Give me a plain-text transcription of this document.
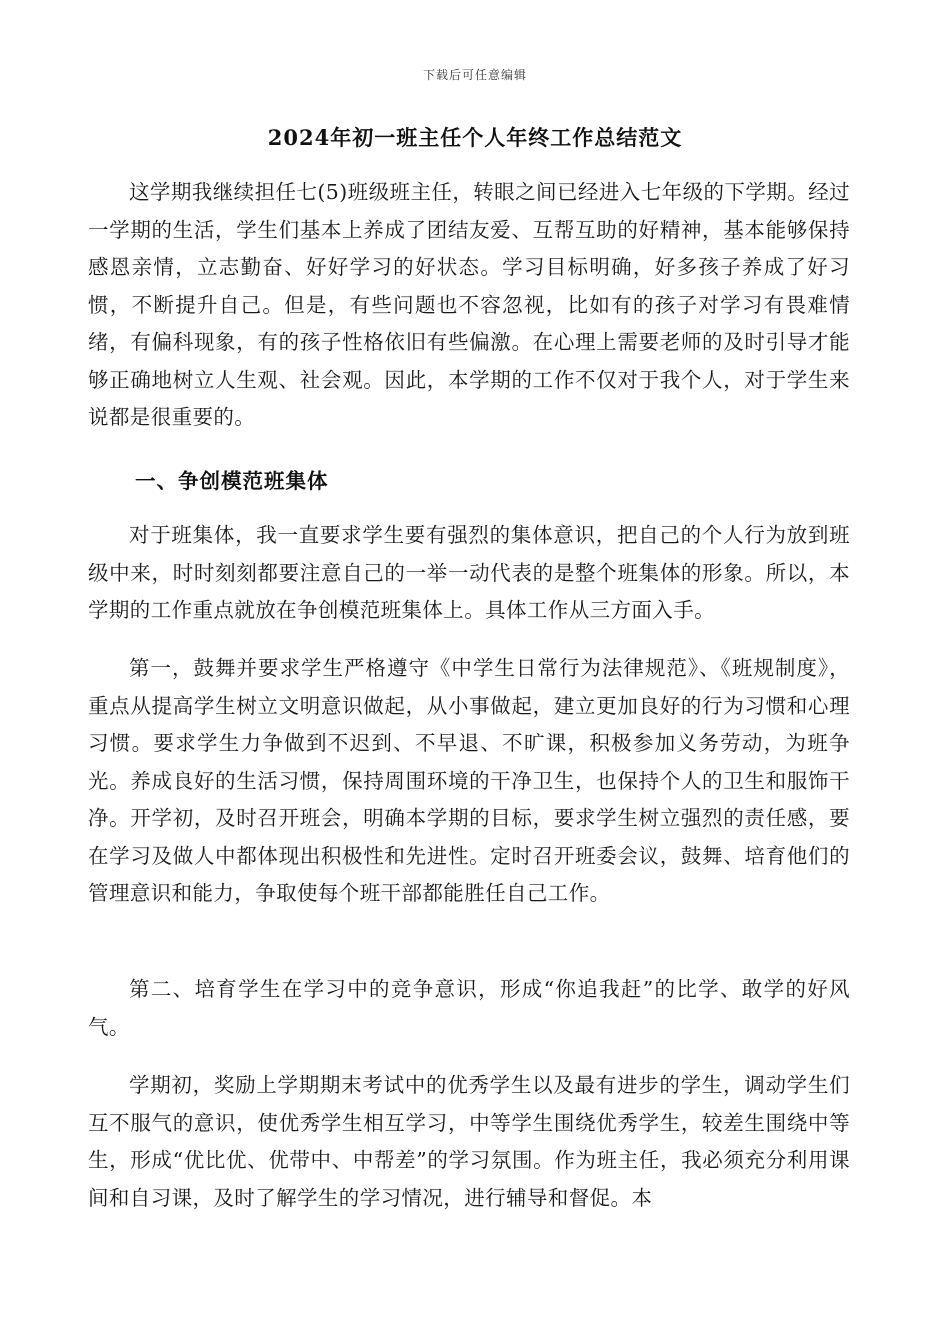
下载后可任意编辑
2024年初一班主任个人年终工作总结范文

这学期我继续担任七(5)班级班主任，转眼之间已经进入七年级的下学期。经过一学期的生活，学生们基本上养成了团结友爱、互帮互助的好精神，基本能够保持感恩亲情，立志勤奋、好好学习的好状态。学习目标明确，好多孩子养成了好习惯，不断提升自己。但是，有些问题也不容忽视，比如有的孩子对学习有畏难情绪，有偏科现象，有的孩子性格依旧有些偏激。在心理上需要老师的及时引导才能够正确地树立人生观、社会观。因此，本学期的工作不仅对于我个人，对于学生来说都是很重要的。

一、争创模范班集体

对于班集体，我一直要求学生要有强烈的集体意识，把自己的个人行为放到班级中来，时时刻刻都要注意自己的一举一动代表的是整个班集体的形象。所以，本学期的工作重点就放在争创模范班集体上。具体工作从三方面入手。

第一，鼓舞并要求学生严格遵守《中学生日常行为法律规范》、《班规制度》，重点从提高学生树立文明意识做起，从小事做起，建立更加良好的行为习惯和心理习惯。要求学生力争做到不迟到、不早退、不旷课，积极参加义务劳动，为班争光。养成良好的生活习惯，保持周围环境的干净卫生，也保持个人的卫生和服饰干净。开学初，及时召开班会，明确本学期的目标，要求学生树立强烈的责任感，要在学习及做人中都体现出积极性和先进性。定时召开班委会议，鼓舞、培育他们的管理意识和能力，争取使每个班干部都能胜任自己工作。

第二、培育学生在学习中的竞争意识，形成“你追我赶”的比学、敢学的好风气。

学期初，奖励上学期期末考试中的优秀学生以及最有进步的学生，调动学生们互不服气的意识，使优秀学生相互学习，中等学生围绕优秀学生，较差生围绕中等生，形成“优比优、优带中、中帮差”的学习氛围。作为班主任，我必须充分利用课间和自习课，及时了解学生的学习情况，进行辅导和督促。本
